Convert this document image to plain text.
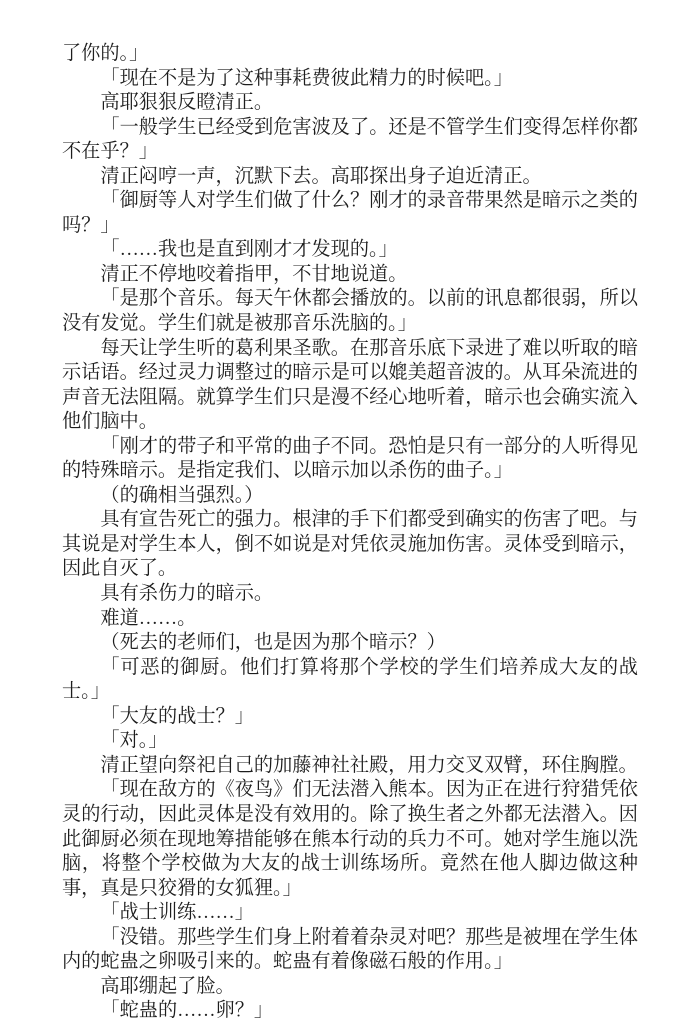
了你的。」

「现在不是为了这种事耗费彼此精力的时候吧。」

高耶狠狠反瞪清正。

「一般学生已经受到危害波及了。还是不管学生们变得怎样你都不在乎？」

清正闷哼一声，沉默下去。高耶探出身子迫近清正。

「御厨等人对学生们做了什么？刚才的录音带果然是暗示之类的吗？」

「……我也是直到刚才才发现的。」

清正不停地咬着指甲，不甘地说道。

「是那个音乐。每天午休都会播放的。以前的讯息都很弱，所以没有发觉。学生们就是被那音乐洗脑的。」

每天让学生听的葛利果圣歌。在那音乐底下录进了难以听取的暗示话语。经过灵力调整过的暗示是可以媲美超音波的。从耳朵流进的声音无法阻隔。就算学生们只是漫不经心地听着，暗示也会确实流入他们脑中。

「刚才的带子和平常的曲子不同。恐怕是只有一部分的人听得见的特殊暗示。是指定我们、以暗示加以杀伤的曲子。」

（的确相当强烈。）

具有宣告死亡的强力。根津的手下们都受到确实的伤害了吧。与其说是对学生本人，倒不如说是对凭依灵施加伤害。灵体受到暗示，因此自灭了。

具有杀伤力的暗示。

难道……。

（死去的老师们，也是因为那个暗示？）

「可恶的御厨。他们打算将那个学校的学生们培养成大友的战士。」

「大友的战士？」

「对。」

清正望向祭祀自己的加藤神社社殿，用力交叉双臂，环住胸膛。

「现在敌方的《夜鸟》们无法潜入熊本。因为正在进行狩猎凭依灵的行动，因此灵体是没有效用的。除了换生者之外都无法潜入。因此御厨必须在现地筹措能够在熊本行动的兵力不可。她对学生施以洗脑，将整个学校做为大友的战士训练场所。竟然在他人脚边做这种事，真是只狡猾的女狐狸。」

「战士训练……」

「没错。那些学生们身上附着着杂灵对吧？那些是被埋在学生体内的蛇蛊之卵吸引来的。蛇蛊有着像磁石般的作用。」

高耶绷起了脸。

「蛇蛊的……卵？」
